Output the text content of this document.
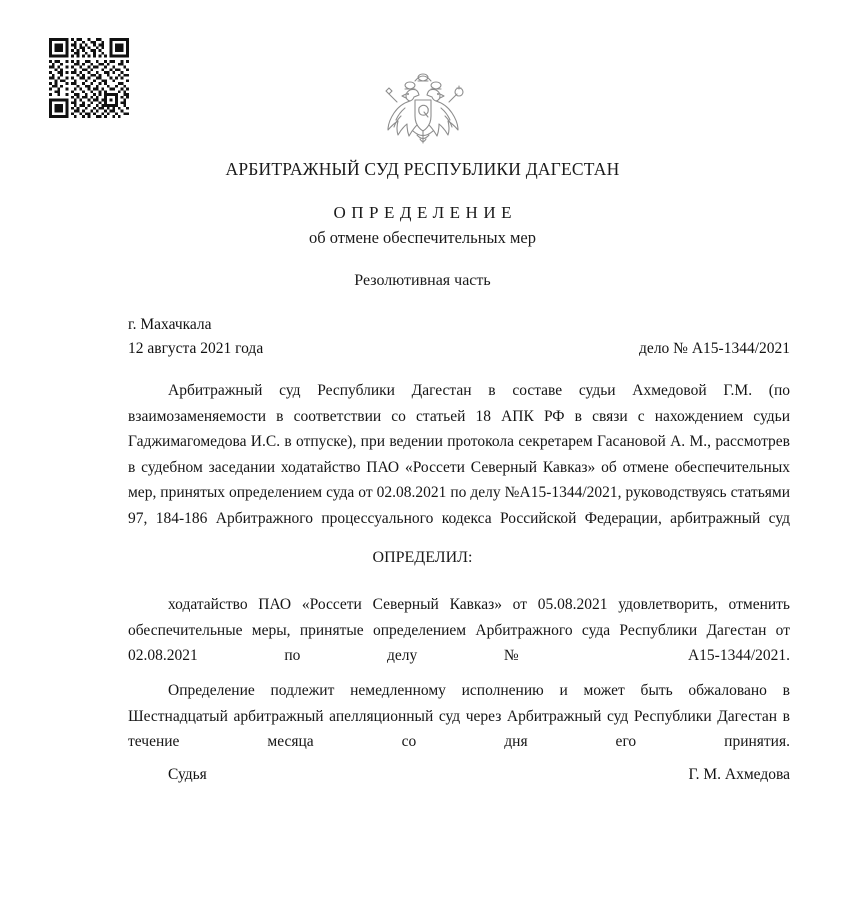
АРБИТРАЖНЫЙ СУД РЕСПУБЛИКИ ДАГЕСТАН
ОПРЕДЕЛЕНИЕ
об отмене обеспечительных мер
Резолютивная часть
г. Махачкала
12 августа 2021 года	дело № А15-1344/2021
Арбитражный суд Республики Дагестан в составе судьи Ахмедовой Г.М. (по взаимозаменяемости в соответствии со статьей 18 АПК РФ в связи с нахождением судьи Гаджимагомедова И.С. в отпуске), при ведении протокола секретарем Гасановой А. М., рассмотрев в судебном заседании ходатайство ПАО «Россети Северный Кавказ» об отмене обеспечительных мер, принятых определением суда от 02.08.2021 по делу №А15-1344/2021, руководствуясь статьями 97, 184-186 Арбитражного процессуального кодекса Российской Федерации, арбитражный суд
ОПРЕДЕЛИЛ:
ходатайство ПАО «Россети Северный Кавказ» от 05.08.2021 удовлетворить, отменить обеспечительные меры, принятые определением Арбитражного суда Республики Дагестан от 02.08.2021 по делу № А15-1344/2021.
Определение подлежит немедленному исполнению и может быть обжаловано в Шестнадцатый арбитражный апелляционный суд через Арбитражный суд Республики Дагестан в течение месяца со дня его принятия.
Судья	Г. М. Ахмедова
